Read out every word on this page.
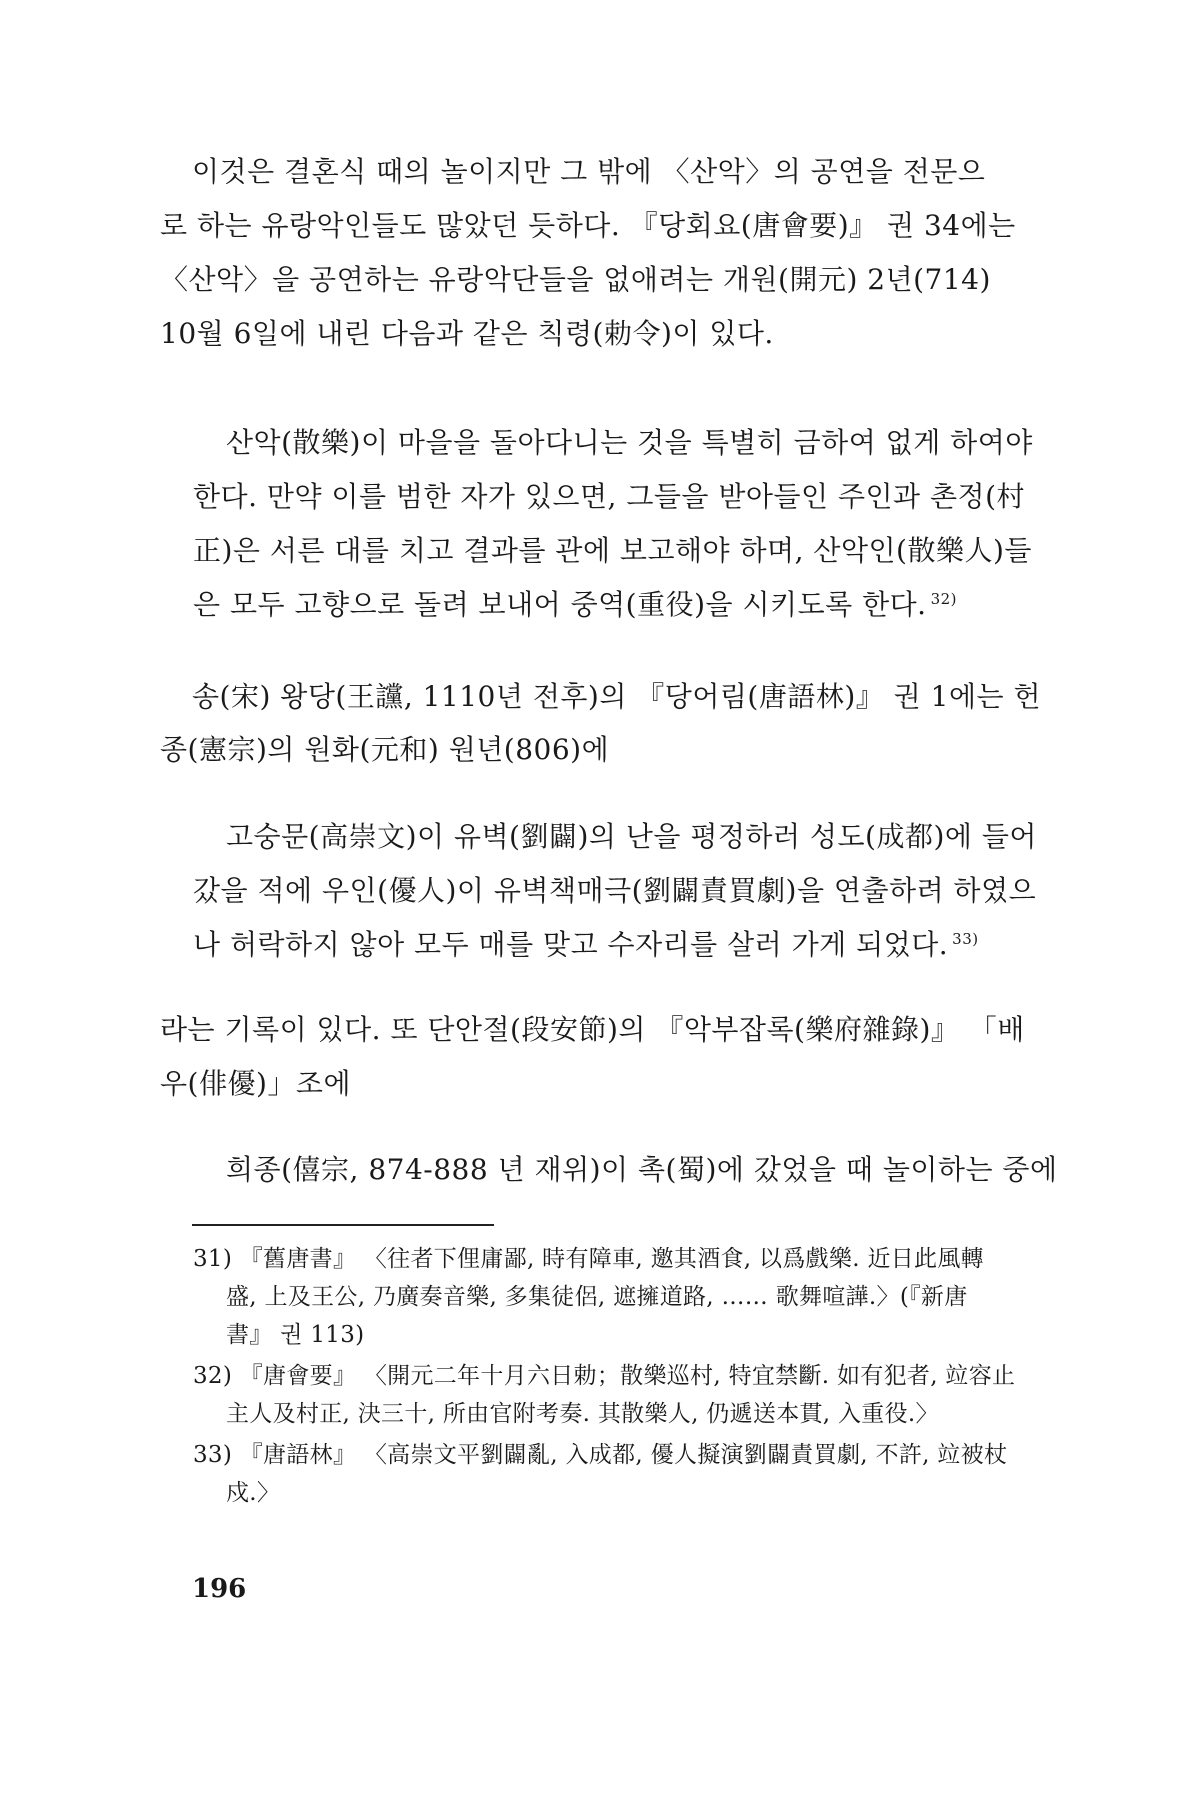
이것은 결혼식 때의 놀이지만 그 밖에 〈산악〉의 공연을 전문으
로 하는 유랑악인들도 많았던 듯하다. 『당회요(唐會要)』 권 34에는
〈산악〉을 공연하는 유랑악단들을 없애려는 개원(開元) 2년(714)
10월 6일에 내린 다음과 같은 칙령(勅令)이 있다.
산악(散樂)이 마을을 돌아다니는 것을 특별히 금하여 없게 하여야
한다. 만약 이를 범한 자가 있으면, 그들을 받아들인 주인과 촌정(村
正)은 서른 대를 치고 결과를 관에 보고해야 하며, 산악인(散樂人)들
은 모두 고향으로 돌려 보내어 중역(重役)을 시키도록 한다. $^{32)}$
송(宋) 왕당(王讜, 1110년 전후)의 『당어림(唐語林)』 권 1에는 헌
종(憲宗)의 원화(元和) 원년(806)에
고숭문(高崇文)이 유벽(劉闢)의 난을 평정하러 성도(成都)에 들어
갔을 적에 우인(優人)이 유벽책매극(劉闢責買劇)을 연출하려 하였으
나 허락하지 않아 모두 매를 맞고 수자리를 살러 가게 되었다. $^{33)}$
라는 기록이 있다. 또 단안절(段安節)의 『악부잡록(樂府雜錄)』 「배
우(俳優)」조에
희종(僖宗, 874-888 년 재위)이 촉(蜀)에 갔었을 때 놀이하는 중에
31) 『舊唐書』 〈往者下俚庸鄙, 時有障車, 邀其酒食, 以爲戲樂. 近日此風轉
盛, 上及王公, 乃廣奏音樂, 多集徒侶, 遮擁道路, …… 歌舞喧譁.〉(『新唐
書』 권 113)
32) 『唐會要』 〈開元二年十月六日勅；散樂巡村, 特宜禁斷. 如有犯者, 竝容止
主人及村正, 決三十, 所由官附考奏. 其散樂人, 仍遞送本貫, 入重役.〉
33) 『唐語林』 〈高崇文平劉闢亂, 入成都, 優人擬演劉闢責買劇, 不許, 竝被杖
戍.〉
196
